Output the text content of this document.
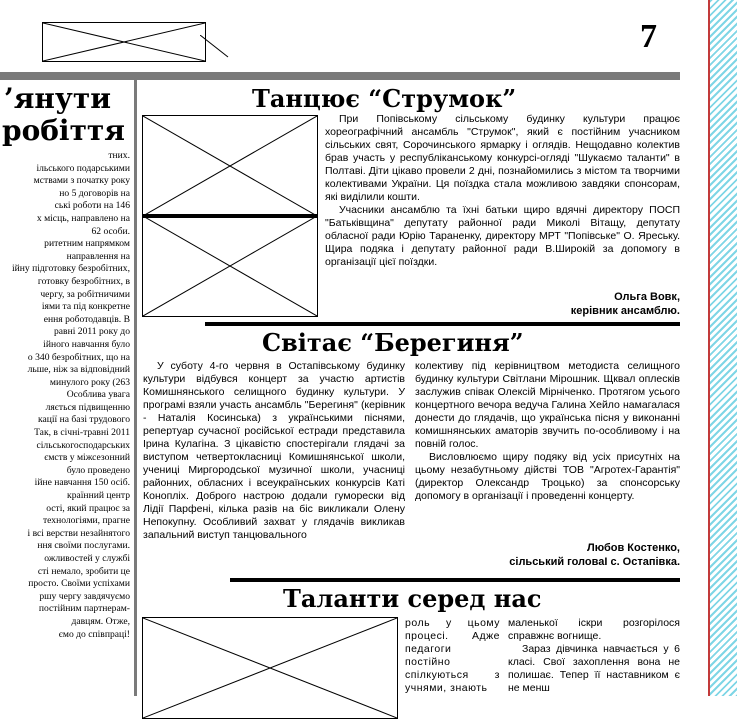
7
’янути
робіття
тних.
ільського подарськими
мствами з початку року
но 5 договорів на
ські роботи на 146
х місць, направлено на
62 особи.
ритетним напрямком
направлення на
ійну підготовку безробітних,
готовку безробітних, в
чергу, за робітничими
іями та під конкретне
ення роботодавців. В
равні 2011 року до
ійного навчання було
о 340 безробітних, що на
льше, ніж за відповідний
минулого року (263
Особлива увага
ляється підвищенню
кації на базі трудового
Так, в січні-травні 2011
сільськогосподарських
ємств у міжсезонний
було проведено
ійне навчання 150 осіб.
країнний центр
ості, який працює за
технологіями, прагне
і всі верстви незайнятого
ння своїми послугами.
ожливостей у службі
сті немало, зробити це
просто. Своїми успіхами
ршу чергу завдячуємо
постійним партнерам-
давцям. Отже,
ємо до співпраці!
Танцює “Струмок”

При Попівському сільському будинку культури працює хореографічний ансамбль "Струмок", який є постійним учасником сільських свят, Сорочинського ярмарку і оглядів. Нещодавно колектив брав участь у республіканському конкурсі-огляді "Шукаємо таланти" в Полтаві. Діти цікаво провели 2 дні, познайомились з містом та творчими колективами України. Ця поїздка стала можливою завдяки спонсорам, які виділили кошти.

Учасники ансамблю та їхні батьки щиро вдячні директору ПОСП "Батьківщина" депутату районної ради Миколі Вітащу, депутату обласної ради Юрію Тараненку, директору МРТ "Попівське" О. Яреську. Щира подяка і депутату районної ради В.Широкій за допомогу в організації цієї поїздки.

Ольга Вовк,
керівник ансамблю.
Світає “Берегиня”

У суботу 4-го червня в Остапівському будинку культури відбувся концерт за участю артистів Комишнянського селищного будинку культури. У програмі взяли участь ансамбль "Берегиня" (керівник - Наталія Косинська) з українськими піснями, репертуар сучасної російської естради представила Ірина Кулагіна. З цікавістю спостерігали глядачі за виступом четвертокласниці Комишнянської школи, учениці Миргородської музичної школи, учасниці районних, обласних і всеукраїнських конкурсів Каті Конопліх. Доброго настрою додали гуморески від Лідії Парфені, кілька разів на біс викликали Олену Непокупну. Особливий захват у глядачів викликав запальний виступ танцювального

колективу під керівництвом методиста селищного будинку культури Світлани Мірошник. Щквал оплесків заслужив співак Олексій Мірніченко. Протягом усього концертного вечора ведуча Галина Хейло намагалася донести до глядачів, що українська пісня у виконанні комишнянських аматорів звучить по-особливому і на повній голос.

Висловлюємо щиру подяку від усіх присутніх на цьому незабутньому дійстві ТОВ "Агротех-Гарантія" (директор Олександр Троцько) за спонсорську допомогу в організації і проведенні концерту.

Любов Костенко,
сільський головаІ с. Остапівка.
Таланти серед нас

роль у цьому процесі. Адже педагоги постійно спілкуються з учнями, знають

маленької іскри розгорілося справжнє вогнище.

Зараз дівчинка навчається у 6 класі. Свої захоплення вона не полишає. Тепер її наставником є не менш
